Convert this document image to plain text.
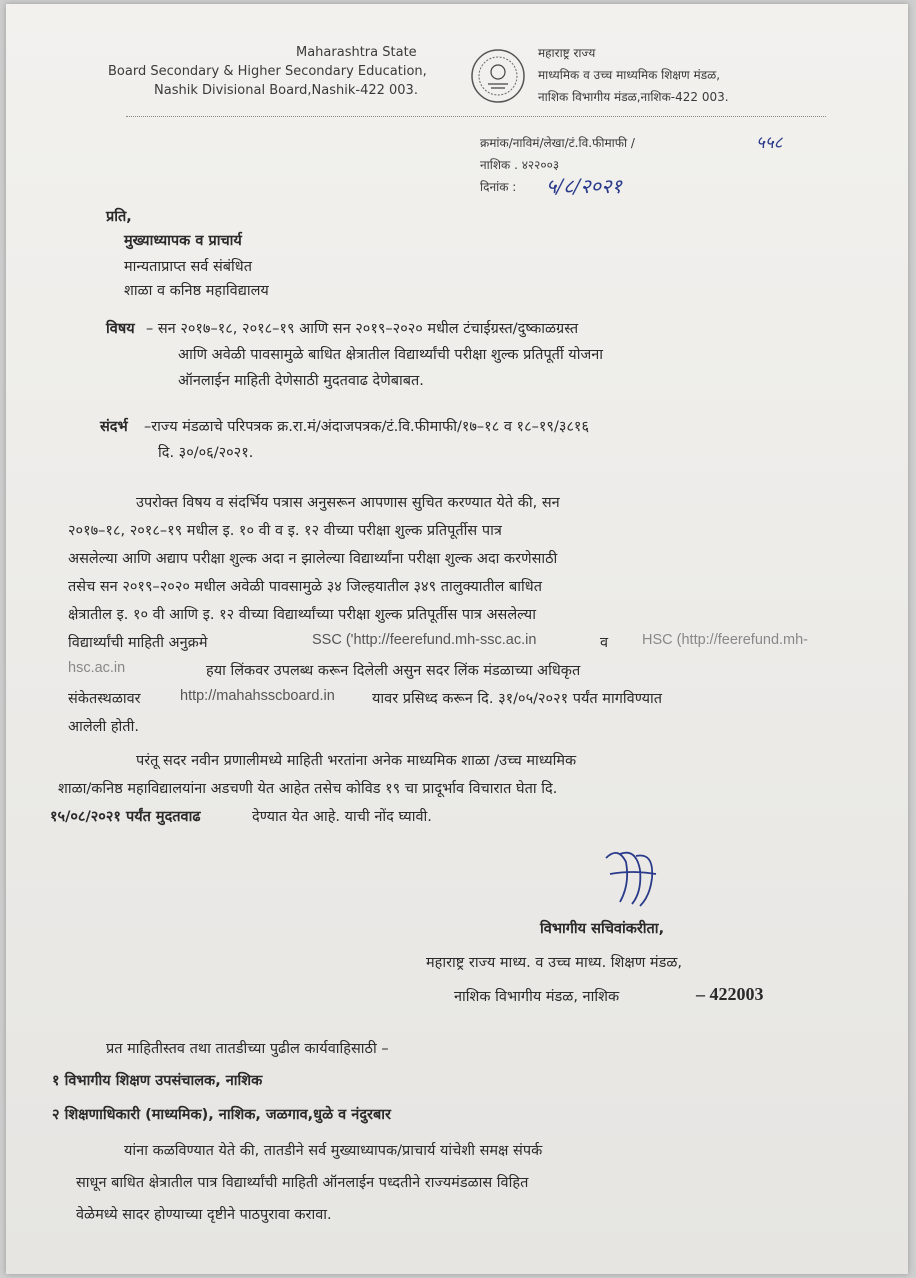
Maharashtra State
Board Secondary & Higher Secondary Education,
Nashik Divisional Board,Nashik-422 003.
महाराष्ट्र राज्य
माध्यमिक व उच्च माध्यमिक शिक्षण मंडळ,
नाशिक विभागीय मंडळ,नाशिक-422 003.
क्रमांक/नाविमं/लेखा/टं.वि.फीमाफी /	५५८
नाशिक . ४२२००३
दिनांक : ५/८/२०२१
प्रति,
मुख्याध्यापक व प्राचार्य
मान्यताप्राप्त सर्व संबंधित
शाळा व कनिष्ठ महाविद्यालय
विषय – सन २०१७–१८, २०१८–१९ आणि सन २०१९–२०२० मधील टंचाईग्रस्त/दुष्काळग्रस्त
आणि अवेळी पावसामुळे बाधित क्षेत्रातील विद्यार्थ्यांची परीक्षा शुल्क प्रतिपूर्ती योजना
ऑनलाईन माहिती देणेसाठी मुदतवाढ देणेबाबत.
संदर्भ –राज्य मंडळाचे परिपत्रक क्र.रा.मं/अंदाजपत्रक/टं.वि.फीमाफी/१७–१८ व १८–१९/३८१६
दि. ३०/०६/२०२१.
उपरोक्त विषय व संदर्भिय पत्रास अनुसरून आपणास सुचित करण्यात येते की, सन
२०१७–१८, २०१८–१९ मधील इ. १० वी व इ. १२ वीच्या परीक्षा शुल्क प्रतिपूर्तीस पात्र
असलेल्या आणि अद्याप परीक्षा शुल्क अदा न झालेल्या विद्यार्थ्यांना परीक्षा शुल्क अदा करणेसाठी
तसेच सन २०१९–२०२० मधील अवेळी पावसामुळे ३४ जिल्हयातील ३४९ तालुक्यातील बाधित
क्षेत्रातील इ. १० वी आणि इ. १२ वीच्या विद्यार्थ्यांच्या परीक्षा शुल्क प्रतिपूर्तीस पात्र असलेल्या
विद्यार्थ्यांची माहिती अनुक्रमे	SSC ('http://feerefund.mh-ssc.ac.in	व HSC (http://feerefund.mh-
hsc.ac.in	हया लिंकवर उपलब्ध करून दिलेली असुन सदर लिंक मंडळाच्या अधिकृत
संकेतस्थळावर	http://mahahsscboard.in	यावर प्रसिध्द करून दि. ३१/०५/२०२१ पर्यंत मागविण्यात
आलेली होती.
परंतू सदर नवीन प्रणालीमध्ये माहिती भरतांना अनेक माध्यमिक शाळा /उच्च माध्यमिक
शाळा/कनिष्ठ महाविद्यालयांना अडचणी येत आहेत तसेच कोविड १९ चा प्रादूर्भाव विचारात घेता दि.
१५/०८/२०२१ पर्यंत मुदतवाढ	देण्यात येत आहे. याची नोंद घ्यावी.
विभागीय सचिवांकरीता,
महाराष्ट्र राज्य माध्य. व उच्च माध्य. शिक्षण मंडळ,
नाशिक विभागीय मंडळ, नाशिक	– 422003
प्रत माहितीस्तव तथा तातडीच्या पुढील कार्यवाहिसाठी –
१ विभागीय शिक्षण उपसंचालक, नाशिक
२ शिक्षणाधिकारी (माध्यमिक), नाशिक, जळगाव,धुळे व नंदुरबार
यांना कळविण्यात येते की, तातडीने सर्व मुख्याध्यापक/प्राचार्य यांचेशी समक्ष संपर्क
साधून बाधित क्षेत्रातील पात्र विद्यार्थ्यांची माहिती ऑनलाईन पध्दतीने राज्यमंडळास विहित
वेळेमध्ये सादर होण्याच्या दृष्टीने पाठपुरावा करावा.
